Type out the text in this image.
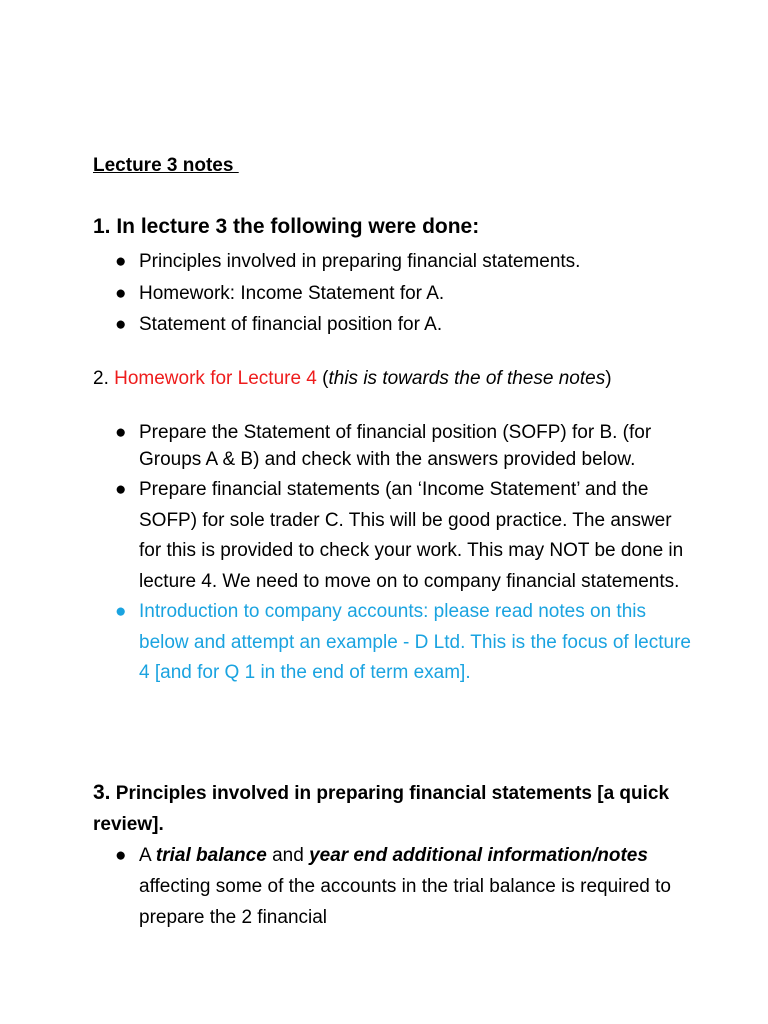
Lecture 3 notes
1. In lecture 3 the following were done:
● Principles involved in preparing financial statements.
● Homework: Income Statement for A.
● Statement of financial position for A.
2. Homework for Lecture 4 (this is towards the of these notes)
● Prepare the Statement of financial position (SOFP) for B. (for Groups A & B) and check with the answers provided below.
● Prepare financial statements (an ‘Income Statement’ and the SOFP) for sole trader C. This will be good practice. The answer for this is provided to check your work. This may NOT be done in lecture 4. We need to move on to company financial statements.
● Introduction to company accounts: please read notes on this below and attempt an example - D Ltd. This is the focus of lecture 4 [and for Q 1 in the end of term exam].
3. Principles involved in preparing financial statements [a quick review].
● A trial balance and year end additional information/notes affecting some of the accounts in the trial balance is required to prepare the 2 financial
